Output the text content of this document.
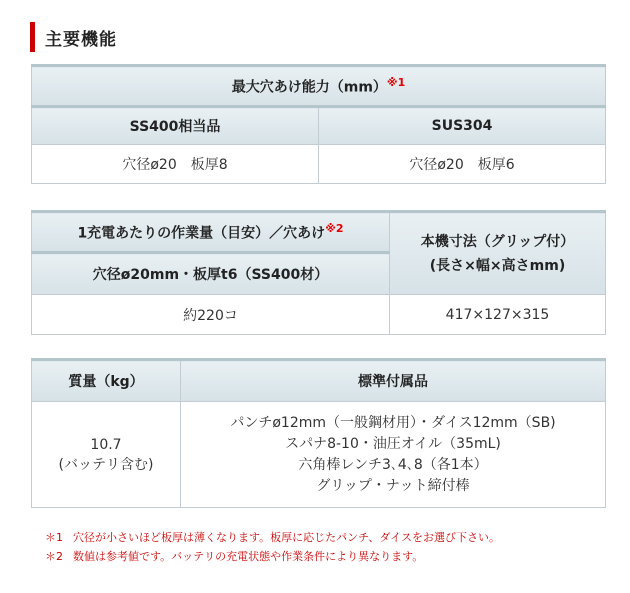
主要機能
最大穴あけ能力（mm）$^{※1}$
SS400相当品	SUS304
穴径ø20　板厚8	穴径ø20　板厚6
1充電あたりの作業量（目安）／穴あけ$^{※2}$	本機寸法（グリップ付）
(長さ×幅×高さmm)
穴径ø20mm・板厚t6（SS400材）	
約220コ	417×127×315
質量（kg）	標準付属品
10.7
(バッテリ含む)	パンチø12mm（一般鋼材用）・ダイス12mm（SB)
スパナ8-10・油圧オイル（35mL)
六角棒レンチ3､4､8（各1本）
グリップ・ナット締付棒
＊1 穴径が小さいほど板厚は薄くなります。板厚に応じたパンチ、ダイスをお選び下さい。
＊2 数値は参考値です。バッテリの充電状態や作業条件により異なります。
